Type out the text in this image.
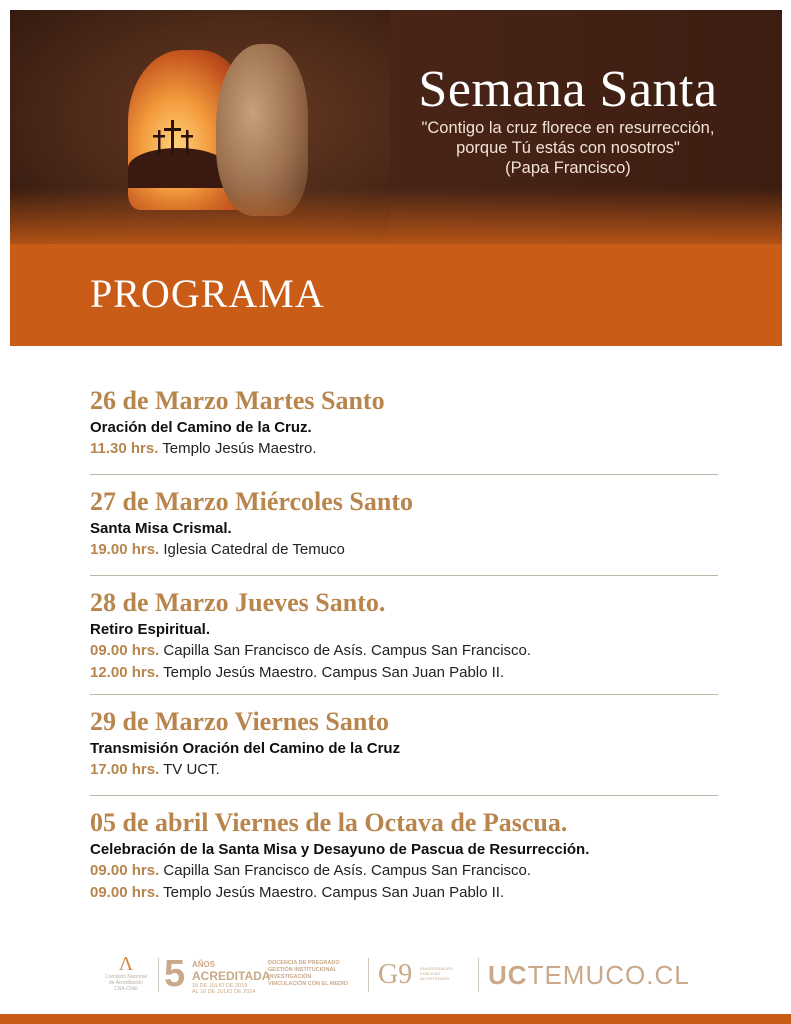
Semana Santa
"Contigo la cruz florece en resurrección,
porque Tú estás con nosotros"
(Papa Francisco)
PROGRAMA
26 de Marzo Martes Santo
Oración del Camino de la Cruz.
11.30 hrs. Templo Jesús Maestro.
27 de Marzo Miércoles Santo
Santa Misa Crismal.
19.00 hrs. Iglesia Catedral de Temuco
28 de Marzo Jueves Santo.
Retiro Espiritual.
09.00 hrs. Capilla San Francisco de Asís. Campus San Francisco.
12.00 hrs. Templo Jesús Maestro. Campus San Juan Pablo II.
29 de Marzo Viernes Santo
Transmisión Oración del Camino de la Cruz
17.00 hrs. TV UCT.
05 de abril Viernes de la Octava de Pascua.
Celebración de la Santa Misa y Desayuno de Pascua de Resurrección.
09.00 hrs. Capilla San Francisco de Asís. Campus San Francisco.
09.00 hrs. Templo Jesús Maestro. Campus San Juan Pablo II.
Λ
Comisión Nacional
de Acreditación
CNA-Chile 5 AÑOS
ACREDITADA
16 DE JULIO DE 2019
AL 16 DE JULIO DE 2024
DOCENCIA DE PREGRADO
GESTIÓN INSTITUCIONAL
INVESTIGACIÓN
VINCULACIÓN CON EL MEDIO G9 UNIVERSIDADES
PÚBLICAS
NO ESTATALES UCTEMUCO.CL
